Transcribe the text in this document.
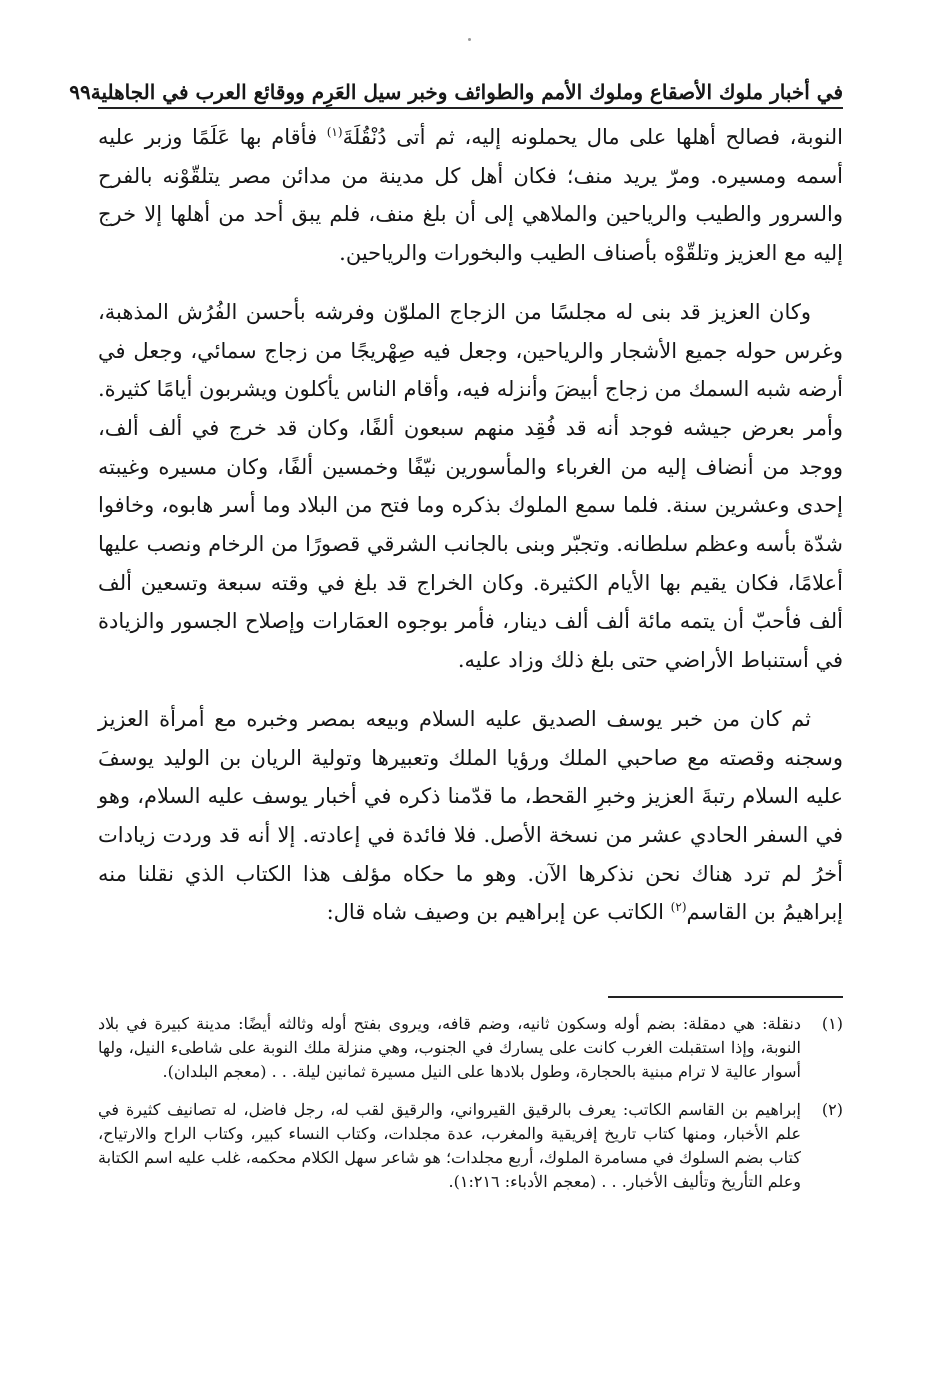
في أخبار ملوك الأصقاع وملوك الأمم والطوائف وخبر سيل العَرِم ووقائع العرب في الجاهلية
٩٩

النوبة، فصالح أهلها على مال يحملونه إليه، ثم أتى دُنْقُلَةَ$^{(١)}$ فأقام بها عَلَمًا وزبر عليه أسمه ومسيره. ومرّ يريد منف؛ فكان أهل كل مدينة من مدائن مصر يتلقّوْنه بالفرح والسرور والطيب والرياحين والملاهي إلى أن بلغ منف، فلم يبق أحد من أهلها إلا خرج إليه مع العزيز وتلقّوْه بأصناف الطيب والبخورات والرياحين.

وكان العزيز قد بنى له مجلسًا من الزجاج الملوّن وفرشه بأحسن الفُرُش المذهبة، وغرس حوله جميع الأشجار والرياحين، وجعل فيه صِهْريجًا من زجاج سمائي، وجعل في أرضه شبه السمك من زجاج أبيضَ وأنزله فيه، وأقام الناس يأكلون ويشربون أيامًا كثيرة. وأمر بعرض جيشه فوجد أنه قد فُقِد منهم سبعون ألفًا، وكان قد خرج في ألف ألف، ووجد من أنضاف إليه من الغرباء والمأسورين نيّفًا وخمسين ألفًا، وكان مسيره وغيبته إحدى وعشرين سنة. فلما سمع الملوك بذكره وما فتح من البلاد وما أسر هابوه، وخافوا شدّة بأسه وعظم سلطانه. وتجبّر وبنى بالجانب الشرقي قصورًا من الرخام ونصب عليها أعلامًا، فكان يقيم بها الأيام الكثيرة. وكان الخراج قد بلغ في وقته سبعة وتسعين ألف ألف فأحبّ أن يتمه مائة ألف ألف دينار، فأمر بوجوه العمَارات وإصلاح الجسور والزيادة في أستنباط الأراضي حتى بلغ ذلك وزاد عليه.

ثم كان من خبر يوسف الصديق عليه السلام وبيعه بمصر وخبره مع أمرأة العزيز وسجنه وقصته مع صاحبي الملك ورؤيا الملك وتعبيرها وتولية الريان بن الوليد يوسفَ عليه السلام رتبةَ العزيز وخبرِ القحط، ما قدّمنا ذكره في أخبار يوسف عليه السلام، وهو في السفر الحادي عشر من نسخة الأصل. فلا فائدة في إعادته. إلا أنه قد وردت زيادات أخرُ لم ترد هناك نحن نذكرها الآن. وهو ما حكاه مؤلف هذا الكتاب الذي نقلنا منه إبراهيمُ بن القاسم$^{(٢)}$ الكاتب عن إبراهيم بن وصيف شاه قال:

(١)
دنقلة: هي دمقلة: بضم أوله وسكون ثانيه، وضم قافه، ويروى بفتح أوله وثالثه أيضًا: مدينة كبيرة في بلاد النوبة، وإذا استقبلت الغرب كانت على يسارك في الجنوب، وهي منزلة ملك النوبة على شاطىء النيل، ولها أسوار عالية لا ترام مبنية بالحجارة، وطول بلادها على النيل مسيرة ثمانين ليلة. . . (معجم البلدان).
(٢)
إبراهيم بن القاسم الكاتب: يعرف بالرقيق القيرواني، والرقيق لقب له، رجل فاضل، له تصانيف كثيرة في علم الأخبار، ومنها كتاب تاريخ إفريقية والمغرب، عدة مجلدات، وكتاب النساء كبير، وكتاب الراح والارتياح، كتاب بضم السلوك في مسامرة الملوك، أربع مجلدات؛ هو شاعر سهل الكلام محكمه، غلب عليه اسم الكتابة وعلم التأريخ وتأليف الأخبار. . . (معجم الأدباء: ١:٢١٦).
